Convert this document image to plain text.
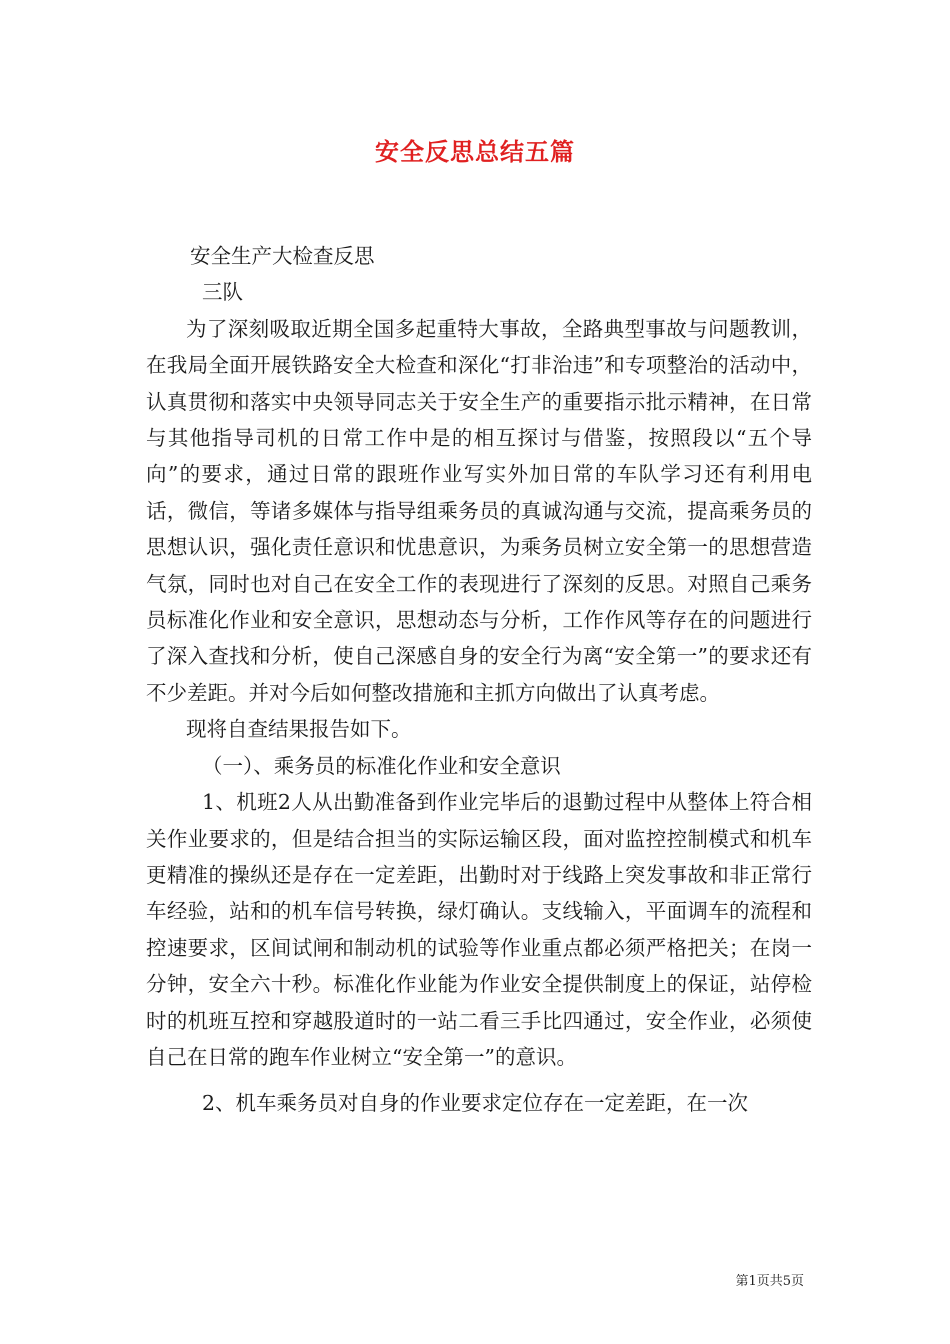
安全反思总结五篇

安全生产大检查反思

三队

为了深刻吸取近期全国多起重特大事故，全路典型事故与问题教训，在我局全面开展铁路安全大检查和深化“打非治违”和专项整治的活动中，认真贯彻和落实中央领导同志关于安全生产的重要指示批示精神，在日常与其他指导司机的日常工作中是的相互探讨与借鉴，按照段以“五个导向”的要求，通过日常的跟班作业写实外加日常的车队学习还有利用电话，微信，等诸多媒体与指导组乘务员的真诚沟通与交流，提高乘务员的思想认识，强化责任意识和忧患意识，为乘务员树立安全第一的思想营造气氛，同时也对自己在安全工作的表现进行了深刻的反思。对照自己乘务员标准化作业和安全意识，思想动态与分析，工作作风等存在的问题进行了深入查找和分析，使自己深感自身的安全行为离“安全第一”的要求还有不少差距。并对今后如何整改措施和主抓方向做出了认真考虑。

现将自查结果报告如下。

（一）、乘务员的标准化作业和安全意识

1、机班2人从出勤准备到作业完毕后的退勤过程中从整体上符合相关作业要求的，但是结合担当的实际运输区段，面对监控控制模式和机车更精准的操纵还是存在一定差距，出勤时对于线路上突发事故和非正常行车经验，站和的机车信号转换，绿灯确认。支线输入，平面调车的流程和控速要求，区间试闸和制动机的试验等作业重点都必须严格把关；在岗一分钟，安全六十秒。标准化作业能为作业安全提供制度上的保证，站停检时的机班互控和穿越股道时的一站二看三手比四通过，安全作业，必须使自己在日常的跑车作业树立“安全第一”的意识。

2、机车乘务员对自身的作业要求定位存在一定差距，在一次

第1页共5页
